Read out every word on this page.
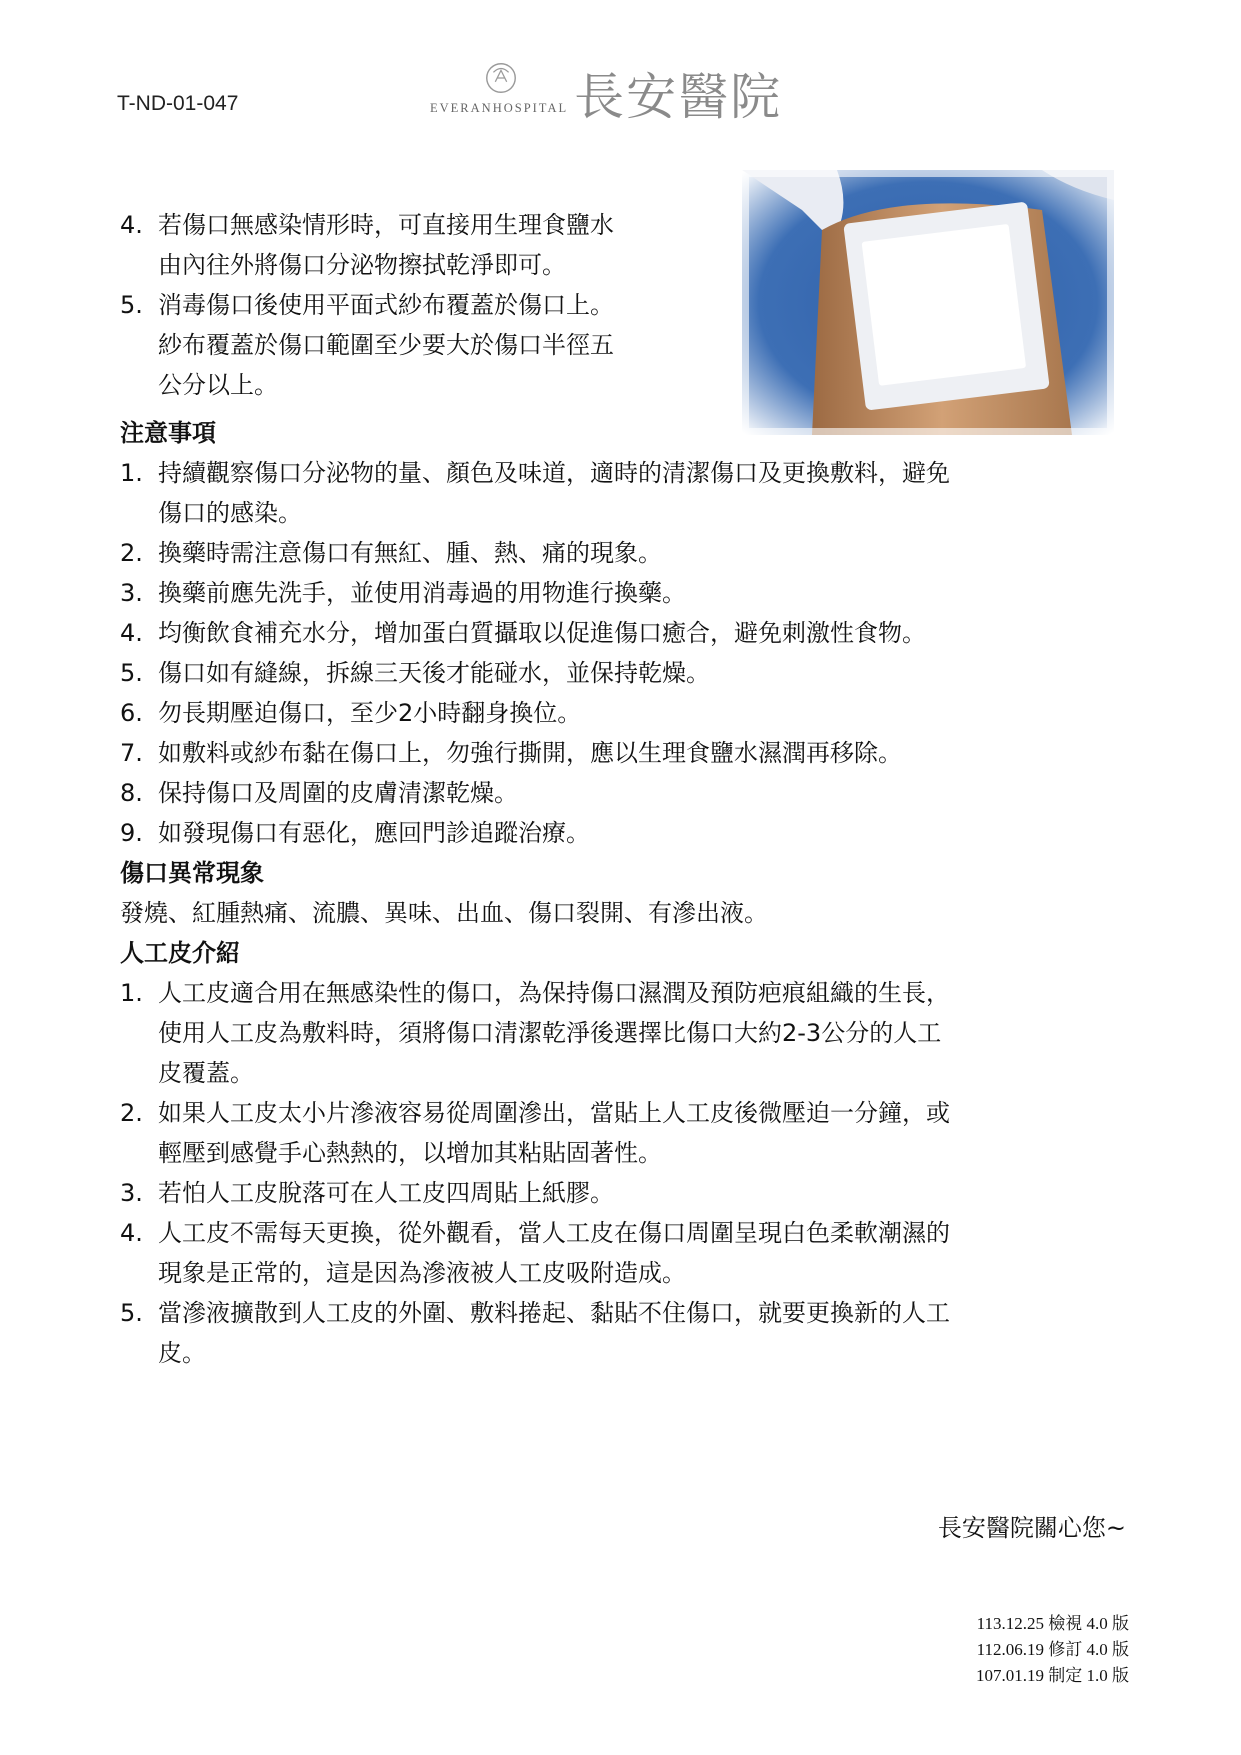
T-ND-01-047	EVERANHOSPITAL 長安醫院
4. 若傷口無感染情形時，可直接用生理食鹽水
由內往外將傷口分泌物擦拭乾淨即可。
5. 消毒傷口後使用平面式紗布覆蓋於傷口上。
紗布覆蓋於傷口範圍至少要大於傷口半徑五
公分以上。
注意事項
1. 持續觀察傷口分泌物的量、顏色及味道，適時的清潔傷口及更換敷料，避免
傷口的感染。
2. 換藥時需注意傷口有無紅、腫、熱、痛的現象。
3. 換藥前應先洗手，並使用消毒過的用物進行換藥。
4. 均衡飲食補充水分，增加蛋白質攝取以促進傷口癒合，避免刺激性食物。
5. 傷口如有縫線，拆線三天後才能碰水，並保持乾燥。
6. 勿長期壓迫傷口，至少2小時翻身換位。
7. 如敷料或紗布黏在傷口上，勿強行撕開，應以生理食鹽水濕潤再移除。
8. 保持傷口及周圍的皮膚清潔乾燥。
9. 如發現傷口有惡化，應回門診追蹤治療。
傷口異常現象
發燒、紅腫熱痛、流膿、異味、出血、傷口裂開、有滲出液。
人工皮介紹
1. 人工皮適合用在無感染性的傷口，為保持傷口濕潤及預防疤痕組織的生長，
使用人工皮為敷料時，須將傷口清潔乾淨後選擇比傷口大約2-3公分的人工
皮覆蓋。
2. 如果人工皮太小片滲液容易從周圍滲出，當貼上人工皮後微壓迫一分鐘，或
輕壓到感覺手心熱熱的，以增加其粘貼固著性。
3. 若怕人工皮脫落可在人工皮四周貼上紙膠。
4. 人工皮不需每天更換，從外觀看，當人工皮在傷口周圍呈現白色柔軟潮濕的
現象是正常的，這是因為滲液被人工皮吸附造成。
5. 當滲液擴散到人工皮的外圍、敷料捲起、黏貼不住傷口，就要更換新的人工
皮。
長安醫院關心您~
113.12.25 檢視 4.0 版
112.06.19 修訂 4.0 版
107.01.19 制定 1.0 版
